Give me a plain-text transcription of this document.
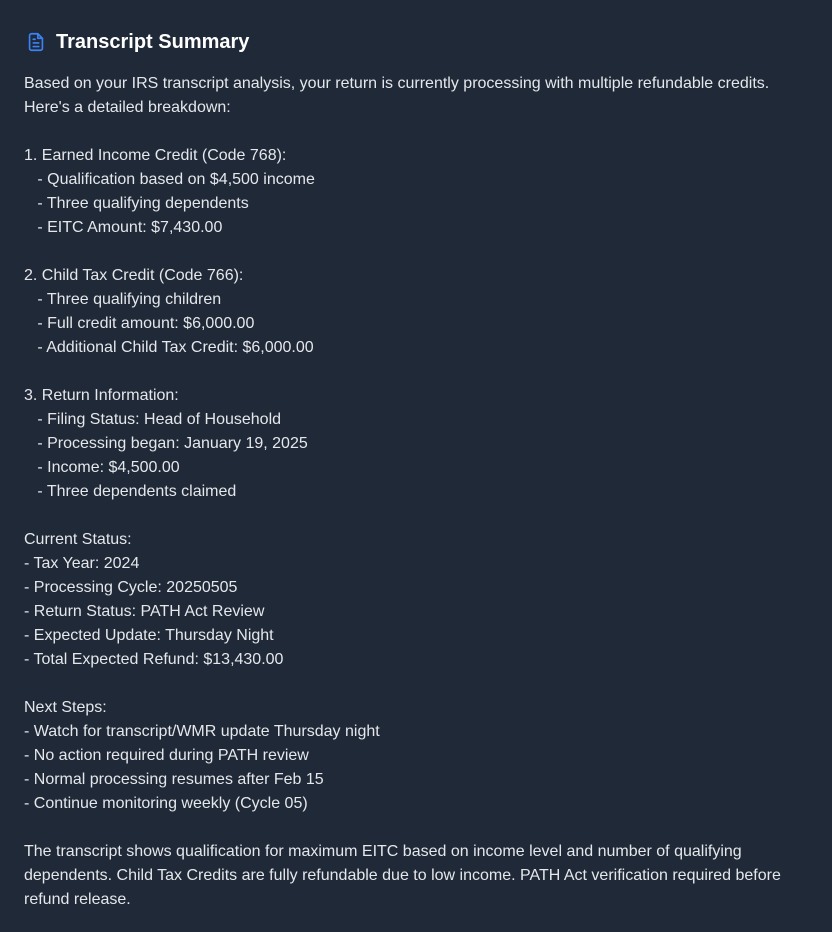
Transcript Summary
Based on your IRS transcript analysis, your return is currently processing with multiple refundable credits.
Here's a detailed breakdown:

1. Earned Income Credit (Code 768):
- Qualification based on $4,500 income
- Three qualifying dependents
- EITC Amount: $7,430.00

2. Child Tax Credit (Code 766):
- Three qualifying children
- Full credit amount: $6,000.00
- Additional Child Tax Credit: $6,000.00

3. Return Information:
- Filing Status: Head of Household
- Processing began: January 19, 2025
- Income: $4,500.00
- Three dependents claimed

Current Status:
- Tax Year: 2024
- Processing Cycle: 20250505
- Return Status: PATH Act Review
- Expected Update: Thursday Night
- Total Expected Refund: $13,430.00

Next Steps:
- Watch for transcript/WMR update Thursday night
- No action required during PATH review
- Normal processing resumes after Feb 15
- Continue monitoring weekly (Cycle 05)

The transcript shows qualification for maximum EITC based on income level and number of qualifying
dependents. Child Tax Credits are fully refundable due to low income. PATH Act verification required before
refund release.
